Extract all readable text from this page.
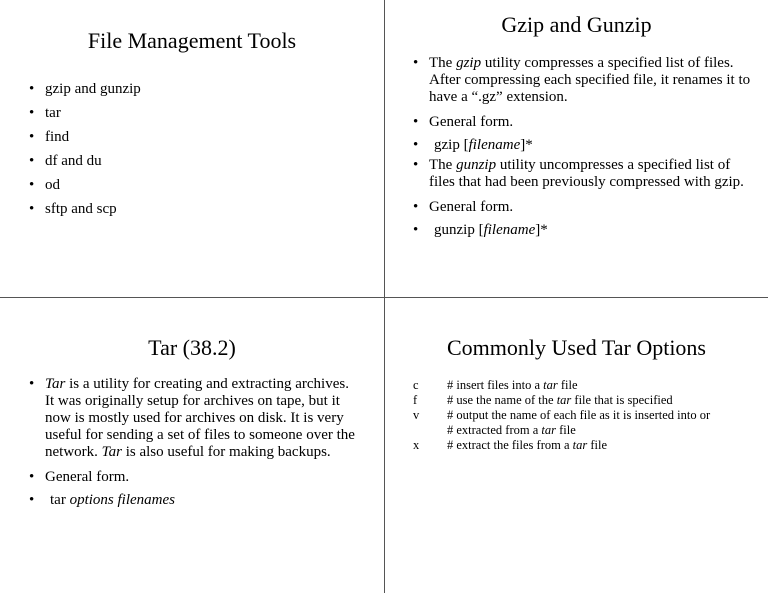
File Management Tools
• gzip and gunzip
• tar
• find
• df and du
• od
• sftp and scp
Gzip and Gunzip
• The gzip utility compresses a specified list of files. After compressing each specified file, it renames it to have a “.gz” extension.
• General form.
• gzip [filename]*
• The gunzip utility uncompresses a specified list of files that had been previously compressed with gzip.
• General form.
• gunzip [filename]*
Tar (38.2)
• Tar is a utility for creating and extracting archives. It was originally setup for archives on tape, but it now is mostly used for archives on disk. It is very useful for sending a set of files to someone over the network. Tar is also useful for making backups.
• General form.
• tar options filenames
Commonly Used Tar Options
c	# insert files into a tar file
f	# use the name of the tar file that is specified
v	# output the name of each file as it is inserted into or
	# extracted from a tar file
x	# extract the files from a tar file
